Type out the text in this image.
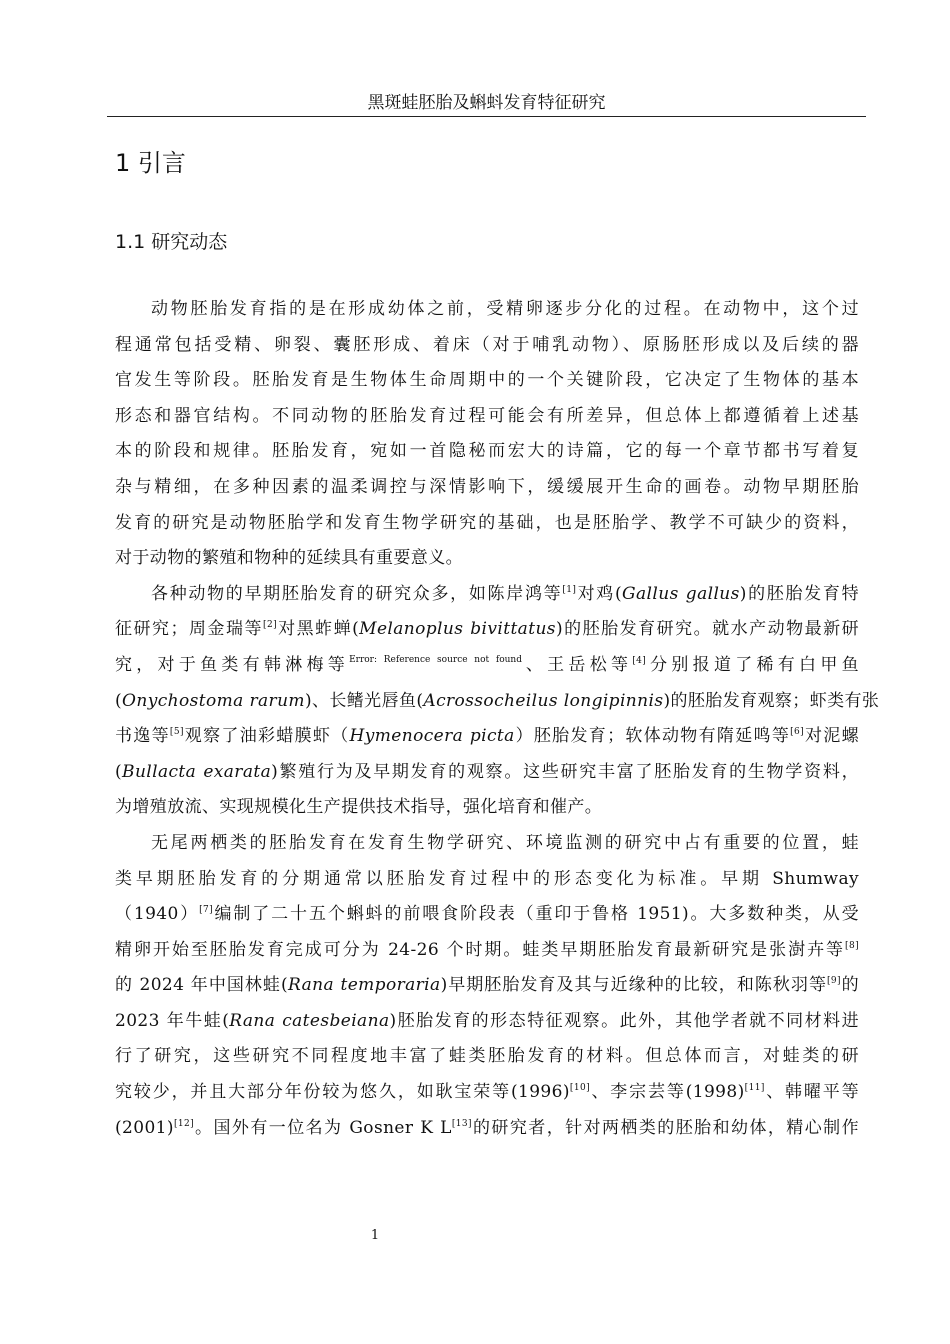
黑斑蛙胚胎及蝌蚪发育特征研究
1 引言
1.1 研究动态
动物胚胎发育指的是在形成幼体之前，受精卵逐步分化的过程。在动物中，这个过
程通常包括受精、卵裂、囊胚形成、着床（对于哺乳动物）、原肠胚形成以及后续的器
官发生等阶段。胚胎发育是生物体生命周期中的一个关键阶段，它决定了生物体的基本
形态和器官结构。不同动物的胚胎发育过程可能会有所差异，但总体上都遵循着上述基
本的阶段和规律。胚胎发育，宛如一首隐秘而宏大的诗篇，它的每一个章节都书写着复
杂与精细，在多种因素的温柔调控与深情影响下，缓缓展开生命的画卷。动物早期胚胎
发育的研究是动物胚胎学和发育生物学研究的基础，也是胚胎学、教学不可缺少的资料，
对于动物的繁殖和物种的延续具有重要意义。
各种动物的早期胚胎发育的研究众多，如陈岸鸿等[1]对鸡(Gallus gallus)的胚胎发育特
征研究；周金瑞等[2]对黑蚱蝉(Melanoplus bivittatus)的胚胎发育研究。就水产动物最新研
究，对于鱼类有韩淋梅等$^{Error: Reference source not found}$、王岳松等[4]分别报道了稀有白甲鱼
(Onychostoma rarum)、长鳍光唇鱼(Acrossocheilus longipinnis)的胚胎发育观察；虾类有张
书逸等[5]观察了油彩蜡膜虾（Hymenocera picta）胚胎发育；软体动物有隋延鸣等[6]对泥螺
(Bullacta exarata)繁殖行为及早期发育的观察。这些研究丰富了胚胎发育的生物学资料，
为增殖放流、实现规模化生产提供技术指导，强化培育和催产。
无尾两栖类的胚胎发育在发育生物学研究、环境监测的研究中占有重要的位置，蛙
类早期胚胎发育的分期通常以胚胎发育过程中的形态变化为标准。早期 Shumway
（1940）[7]编制了二十五个蝌蚪的前喂食阶段表（重印于鲁格 1951)。大多数种类，从受
精卵开始至胚胎发育完成可分为 24-26 个时期。蛙类早期胚胎发育最新研究是张澍卉等[8]
的 2024 年中国林蛙(Rana temporaria)早期胚胎发育及其与近缘种的比较，和陈秋羽等[9]的
2023 年牛蛙(Rana catesbeiana)胚胎发育的形态特征观察。此外，其他学者就不同材料进
行了研究，这些研究不同程度地丰富了蛙类胚胎发育的材料。但总体而言，对蛙类的研
究较少，并且大部分年份较为悠久，如耿宝荣等(1996)[10]、李宗芸等(1998)[11]、韩曜平等
(2001)[12]。国外有一位名为 Gosner K L[13]的研究者，针对两栖类的胚胎和幼体，精心制作
1
